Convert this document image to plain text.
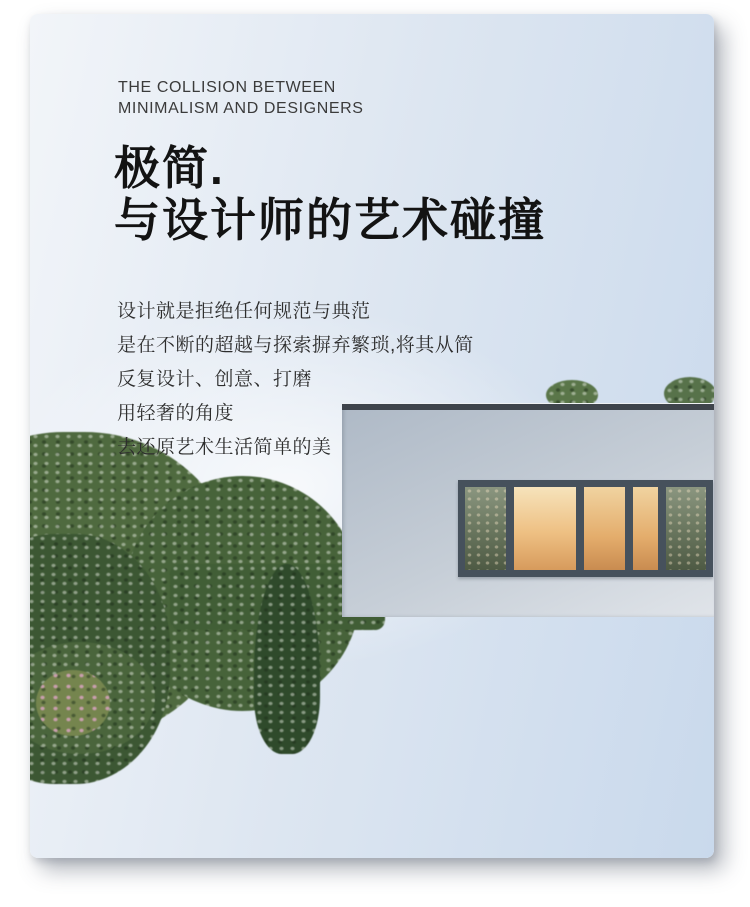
THE COLLISION BETWEEN
MINIMALISM AND DESIGNERS
极简.
与设计师的艺术碰撞

设计就是拒绝任何规范与典范

是在不断的超越与探索摒弃繁琐,将其从简

反复设计、创意、打磨

用轻奢的角度

去还原艺术生活简单的美
